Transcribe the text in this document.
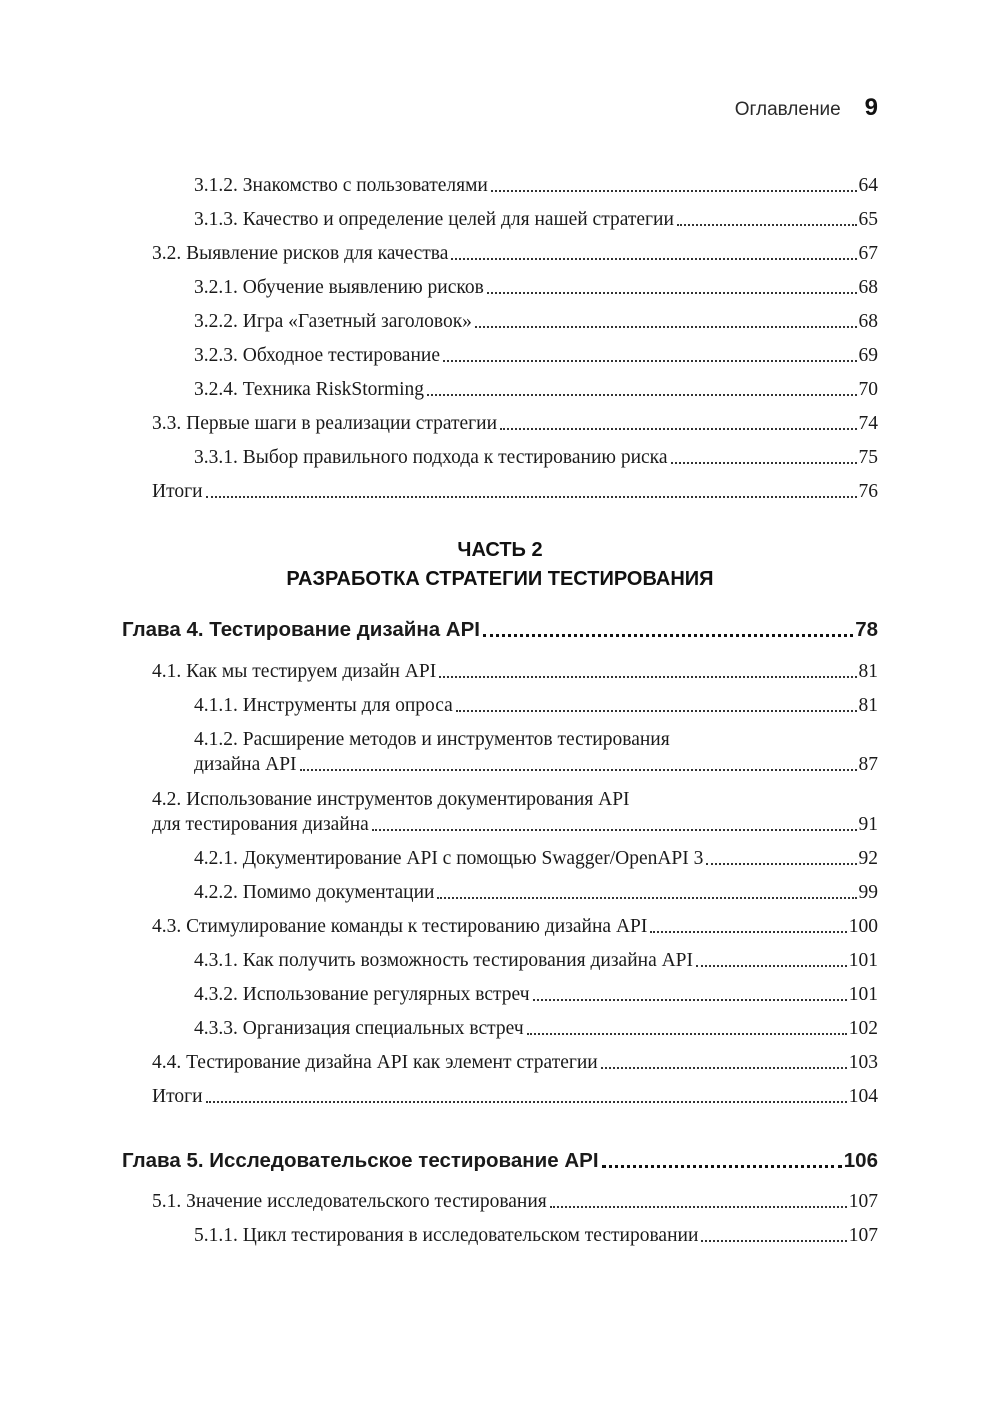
Оглавление 9
3.1.2. Знакомство с пользователями	64
3.1.3. Качество и определение целей для нашей стратегии	65
3.2. Выявление рисков для качества	67
3.2.1. Обучение выявлению рисков	68
3.2.2. Игра «Газетный заголовок»	68
3.2.3. Обходное тестирование	69
3.2.4. Техника RiskStorming	70
3.3. Первые шаги в реализации стратегии	74
3.3.1. Выбор правильного подхода к тестированию риска	75
Итоги	76
Глава 4. Тестирование дизайна API	78
4.1. Как мы тестируем дизайн API	81
4.1.1. Инструменты для опроса	81
4.1.2. Расширение методов и инструментов тестирования
дизайна API	87
4.2. Использование инструментов документирования API
для тестирования дизайна	91
4.2.1. Документирование API с помощью Swagger/OpenAPI 3	92
4.2.2. Помимо документации	99
4.3. Стимулирование команды к тестированию дизайна API	100
4.3.1. Как получить возможность тестирования дизайна API	101
4.3.2. Использование регулярных встреч	101
4.3.3. Организация специальных встреч	102
4.4. Тестирование дизайна API как элемент стратегии	103
Итоги	104
Глава 5. Исследовательское тестирование API	106
5.1. Значение исследовательского тестирования	107
5.1.1. Цикл тестирования в исследовательском тестировании	107
ЧАСТЬ 2
РАЗРАБОТКА СТРАТЕГИИ ТЕСТИРОВАНИЯ
